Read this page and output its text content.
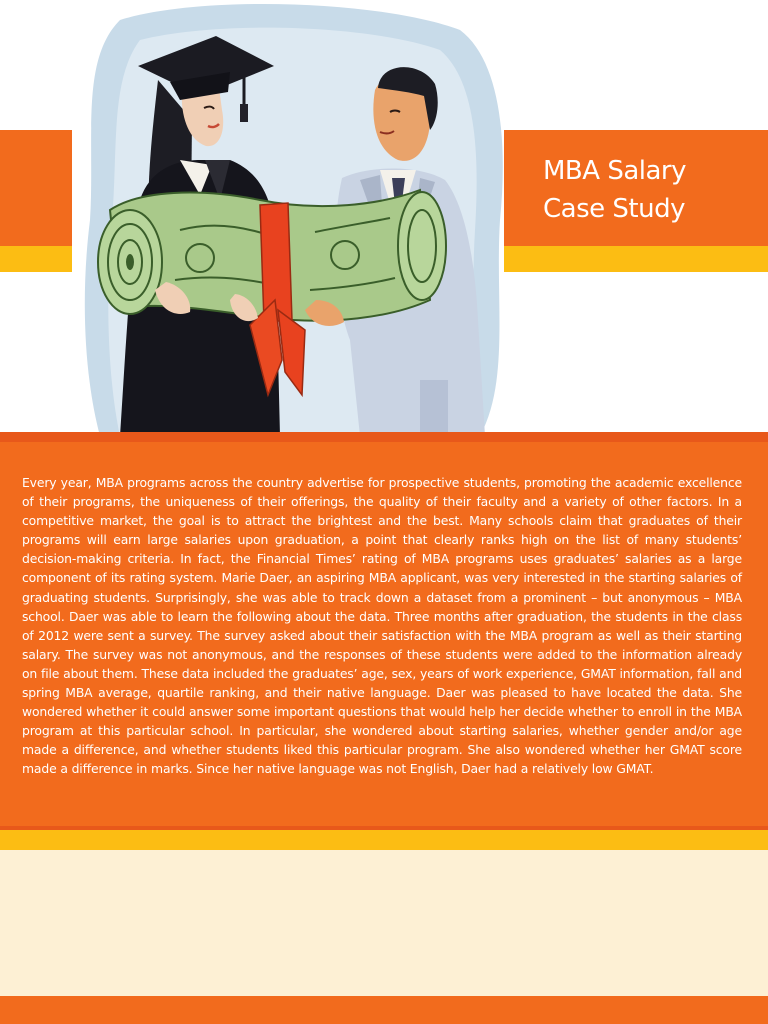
MBA Salary
Case Study

Every year, MBA programs across the country advertise for prospective students, promoting the academic excellence of their programs, the uniqueness of their offerings, the quality of their faculty and a variety of other factors. In a competitive market, the goal is to attract the brightest and the best. Many schools claim that graduates of their programs will earn large salaries upon graduation, a point that clearly ranks high on the list of many students’ decision-making criteria. In fact, the Financial Times’ rating of MBA programs uses graduates’ salaries as a large component of its rating system. Marie Daer, an aspiring MBA applicant, was very interested in the starting salaries of graduating students. Surprisingly, she was able to track down a dataset from a prominent – but anonymous – MBA school. Daer was able to learn the following about the data. Three months after graduation, the students in the class of 2012 were sent a survey. The survey asked about their satisfaction with the MBA program as well as their starting salary. The survey was not anonymous, and the responses of these students were added to the information already on file about them. These data included the graduates’ age, sex, years of work experience, GMAT information, fall and spring MBA average, quartile ranking, and their native language. Daer was pleased to have located the data. She wondered whether it could answer some important questions that would help her decide whether to enroll in the MBA program at this particular school. In particular, she wondered about starting salaries, whether gender and/or age made a difference, and whether students liked this particular program. She also wondered whether her GMAT score made a difference in marks. Since her native language was not English, Daer had a relatively low GMAT.
